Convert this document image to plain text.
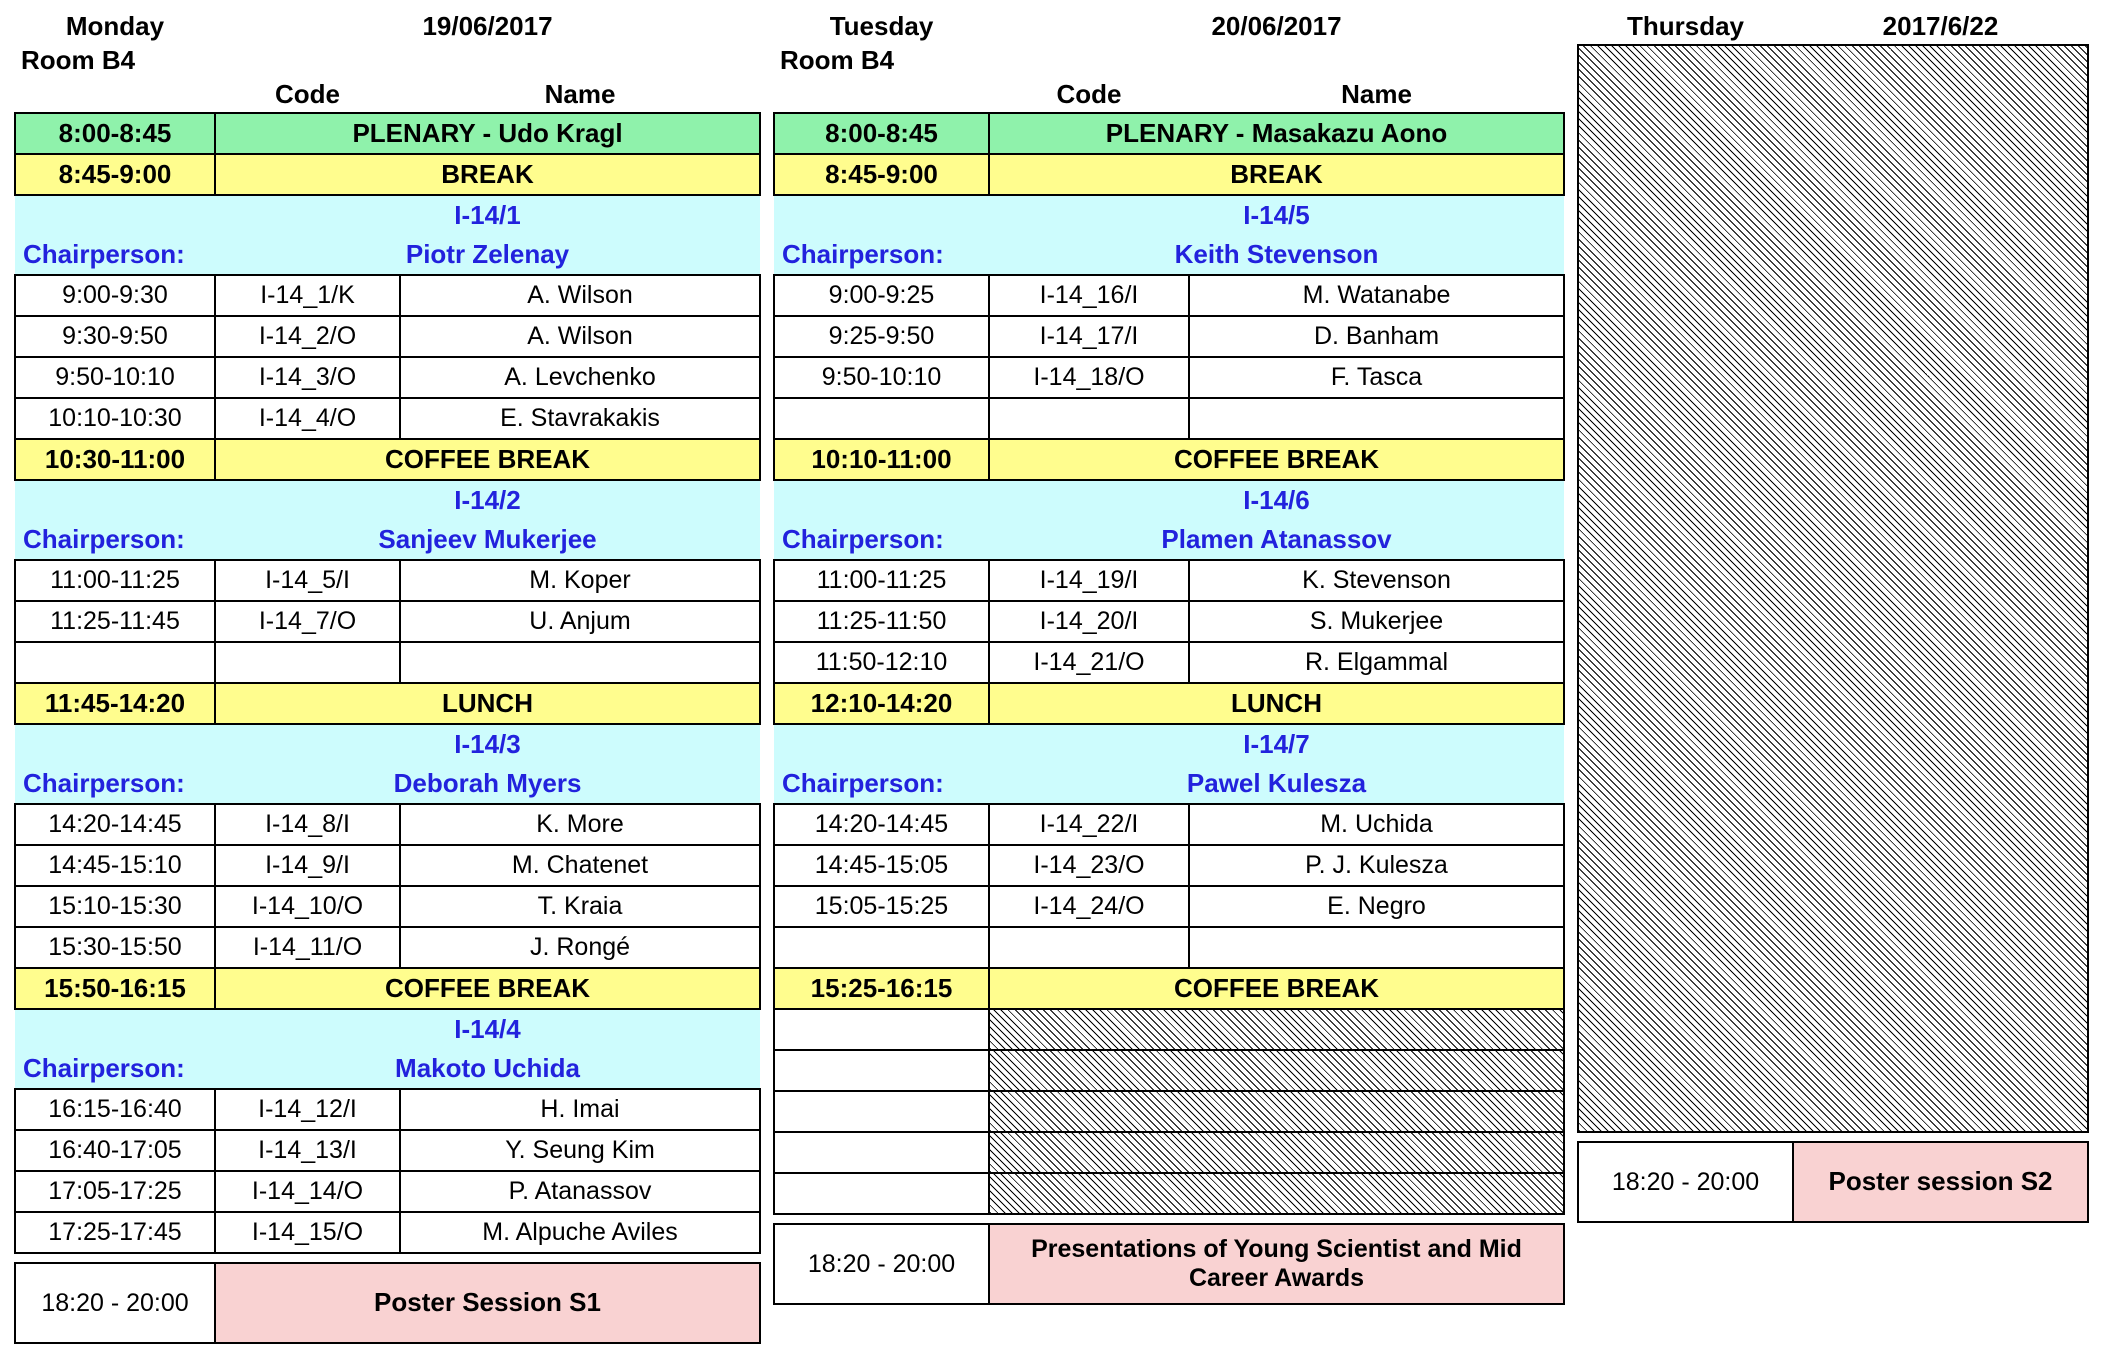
Monday	19/06/2017	
Room B4		
	Code	Name
8:00-8:45	PLENARY - Udo Kragl	
8:45-9:00	BREAK	
	I-14/1	
Chairperson:	Piotr Zelenay	
9:00-9:30	I-14_1/K	A. Wilson
9:30-9:50	I-14_2/O	A. Wilson
9:50-10:10	I-14_3/O	A. Levchenko
10:10-10:30	I-14_4/O	E. Stavrakakis
10:30-11:00	COFFEE BREAK	
	I-14/2	
Chairperson:	Sanjeev Mukerjee	
11:00-11:25	I-14_5/I	M. Koper
11:25-11:45	I-14_7/O	U. Anjum

11:45-14:20	LUNCH	
	I-14/3	
Chairperson:	Deborah Myers	
14:20-14:45	I-14_8/I	K. More
14:45-15:10	I-14_9/I	M. Chatenet
15:10-15:30	I-14_10/O	T. Kraia
15:30-15:50	I-14_11/O	J. Rongé
15:50-16:15	COFFEE BREAK	
	I-14/4	
Chairperson:	Makoto Uchida	
16:15-16:40	I-14_12/I	H. Imai
16:40-17:05	I-14_13/I	Y. Seung Kim
17:05-17:25	I-14_14/O	P. Atanassov
17:25-17:45	I-14_15/O	M. Alpuche Aviles
18:20 - 20:00	Poster Session S1
Tuesday	20/06/2017	
Room B4		
	Code	Name
8:00-8:45	PLENARY - Masakazu Aono	
8:45-9:00	BREAK	
	I-14/5	
Chairperson:	Keith Stevenson	
9:00-9:25	I-14_16/I	M. Watanabe
9:25-9:50	I-14_17/I	D. Banham
9:50-10:10	I-14_18/O	F. Tasca

10:10-11:00	COFFEE BREAK	
	I-14/6	
Chairperson:	Plamen Atanassov	
11:00-11:25	I-14_19/I	K. Stevenson
11:25-11:50	I-14_20/I	S. Mukerjee
11:50-12:10	I-14_21/O	R. Elgammal
12:10-14:20	LUNCH	
	I-14/7	
Chairperson:	Pawel Kulesza	
14:20-14:45	I-14_22/I	M. Uchida
14:45-15:05	I-14_23/O	P. J. Kulesza
15:05-15:25	I-14_24/O	E. Negro

15:25-16:15	COFFEE BREAK	

18:20 - 20:00	Presentations of Young Scientist and Mid Career Awards
Thursday	2017/6/22

18:20 - 20:00	Poster session S2
